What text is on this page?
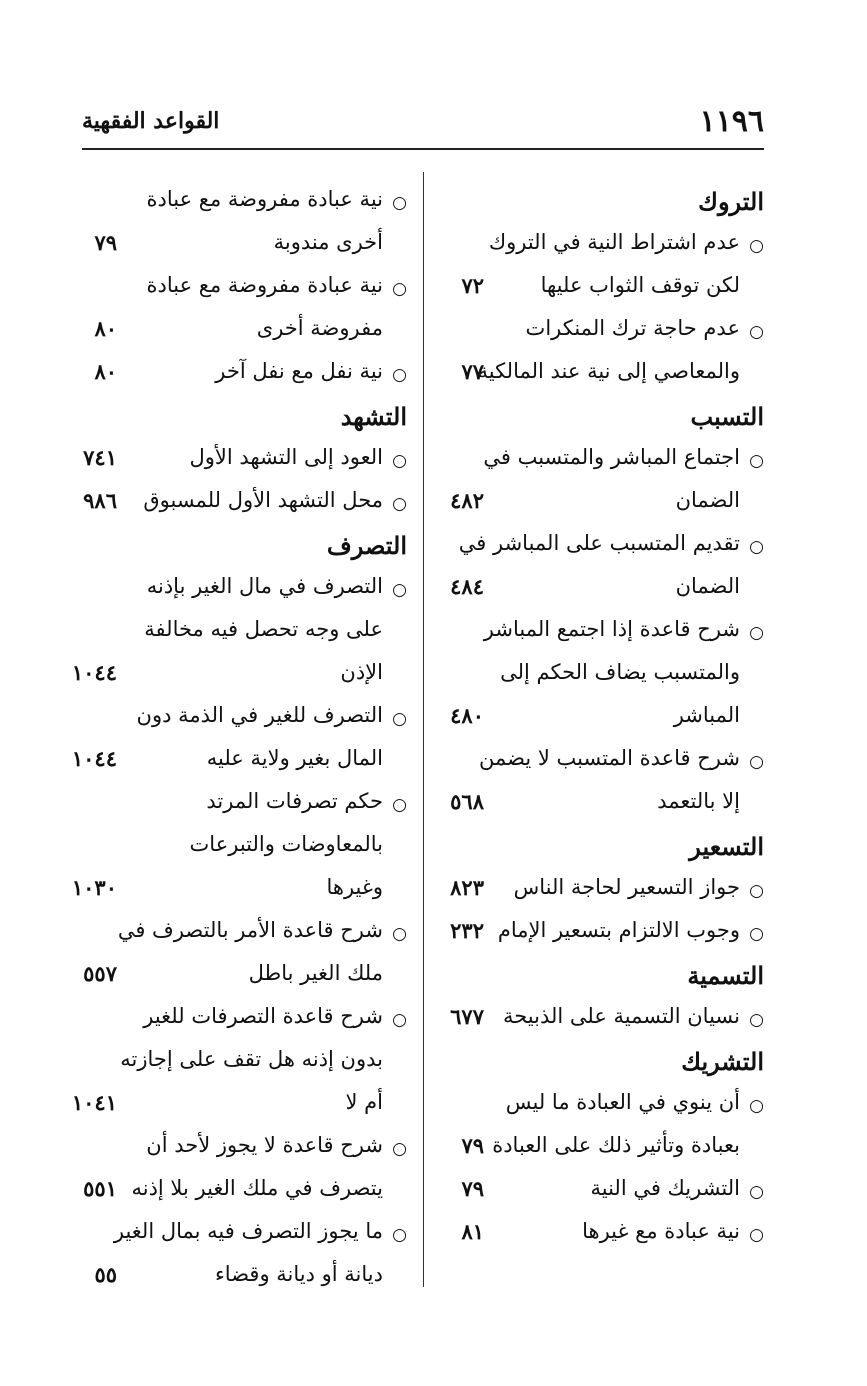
١١٩٦
القواعد الفقهية
التروك
○
عدم اشتراط النية في التروك
لكن توقف الثواب عليها
٧٢
○
عدم حاجة ترك المنكرات
والمعاصي إلى نية عند المالكية
٧٧
التسبب
○
اجتماع المباشر والمتسبب في
الضمان
٤٨٢
○
تقديم المتسبب على المباشر في
الضمان
٤٨٤
○
شرح قاعدة إذا اجتمع المباشر
والمتسبب يضاف الحكم إلى
المباشر
٤٨٠
○
شرح قاعدة المتسبب لا يضمن
إلا بالتعمد
٥٦٨
التسعير
○
جواز التسعير لحاجة الناس
٨٢٣
○
وجوب الالتزام بتسعير الإمام
٢٣٢
التسمية
○
نسيان التسمية على الذبيحة
٦٧٧
التشريك
○
أن ينوي في العبادة ما ليس
بعبادة وتأثير ذلك على العبادة
٧٩
○
التشريك في النية
٧٩
○
نية عبادة مع غيرها
٨١
○
نية عبادة مفروضة مع عبادة
أخرى مندوبة
٧٩
○
نية عبادة مفروضة مع عبادة
مفروضة أخرى
٨٠
○
نية نفل مع نفل آخر
٨٠
التشهد
○
العود إلى التشهد الأول
٧٤١
○
محل التشهد الأول للمسبوق
٩٨٦
التصرف
○
التصرف في مال الغير بإذنه
على وجه تحصل فيه مخالفة
الإذن
١٠٤٤
○
التصرف للغير في الذمة دون
المال بغير ولاية عليه
١٠٤٤
○
حكم تصرفات المرتد
بالمعاوضات والتبرعات
وغيرها
١٠٣٠
○
شرح قاعدة الأمر بالتصرف في
ملك الغير باطل
٥٥٧
○
شرح قاعدة التصرفات للغير
بدون إذنه هل تقف على إجازته
أم لا
١٠٤١
○
شرح قاعدة لا يجوز لأحد أن
يتصرف في ملك الغير بلا إذنه
٥٥١
○
ما يجوز التصرف فيه بمال الغير
ديانة أو ديانة وقضاء
٥٥
